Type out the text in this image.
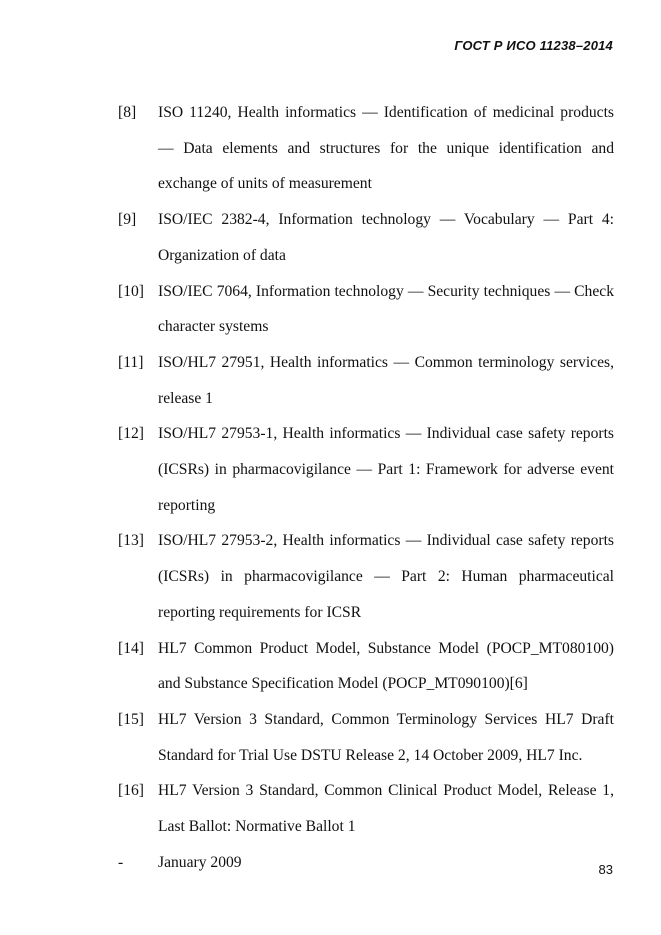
ГОСТ Р ИСО 11238–2014
[8]	ISO 11240, Health informatics — Identification of medicinal products — Data elements and structures for the unique identification and exchange of units of measurement
[9]	ISO/IEC 2382-4, Information technology — Vocabulary — Part 4: Organization of data
[10] ISO/IEC 7064, Information technology — Security techniques — Check character systems
[11] ISO/HL7 27951, Health informatics — Common terminology services, release 1
[12] ISO/HL7 27953-1, Health informatics — Individual case safety reports (ICSRs) in pharmacovigilance — Part 1: Framework for adverse event reporting
[13] ISO/HL7 27953-2, Health informatics — Individual case safety reports (ICSRs) in pharmacovigilance — Part 2: Human pharmaceutical reporting requirements for ICSR
[14] HL7 Common Product Model, Substance Model (POCP_MT080100) and Substance Specification Model (POCP_MT090100)[6]
[15] HL7 Version 3 Standard, Common Terminology Services HL7 Draft Standard for Trial Use DSTU Release 2, 14 October 2009, HL7 Inc.
[16] HL7 Version 3 Standard, Common Clinical Product Model, Release 1, Last Ballot: Normative Ballot 1
-	January 2009	83
